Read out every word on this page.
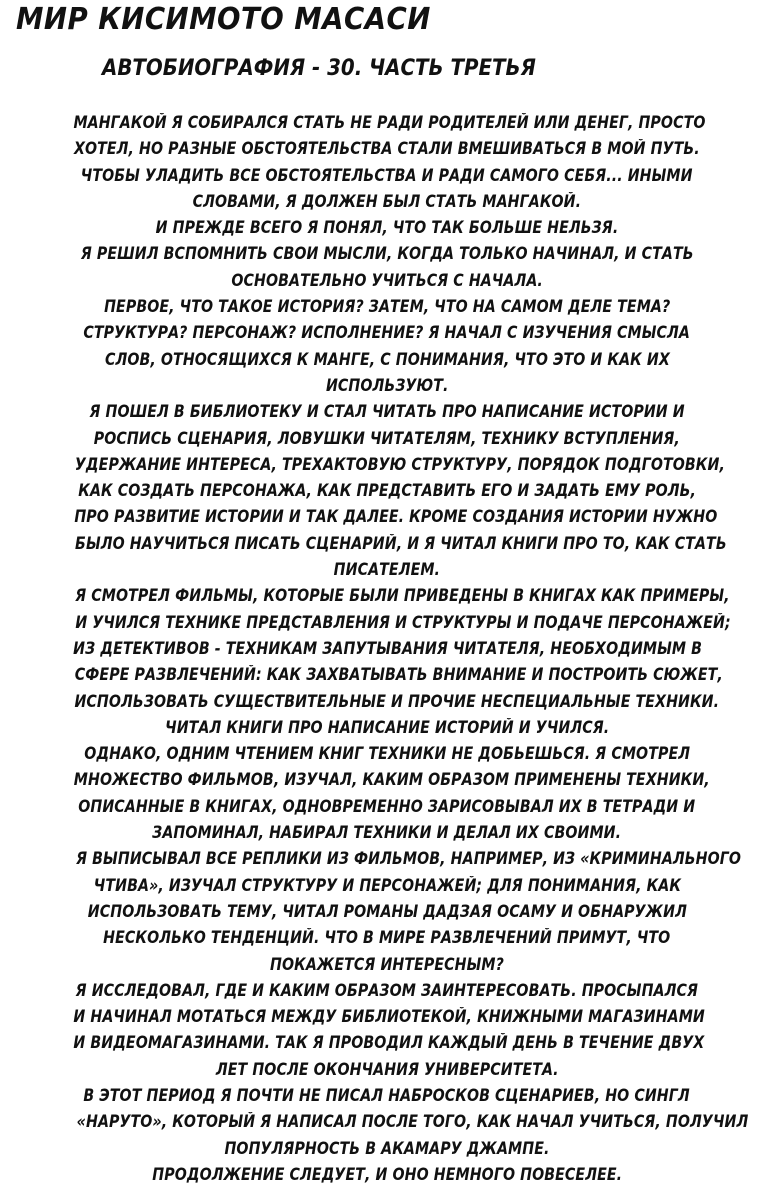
МИР КИСИМОТО МАСАСИ
АВТОБИОГРАФИЯ - 30. ЧАСТЬ ТРЕТЬЯ
МАНГАКОЙ Я СОБИРАЛСЯ СТАТЬ НЕ РАДИ РОДИТЕЛЕЙ ИЛИ ДЕНЕГ, ПРОСТО
ХОТЕЛ, НО РАЗНЫЕ ОБСТОЯТЕЛЬСТВА СТАЛИ ВМЕШИВАТЬСЯ В МОЙ ПУТЬ.
ЧТОБЫ УЛАДИТЬ ВСЕ ОБСТОЯТЕЛЬСТВА И РАДИ САМОГО СЕБЯ... ИНЫМИ
СЛОВАМИ, Я ДОЛЖЕН БЫЛ СТАТЬ МАНГАКОЙ.
И ПРЕЖДЕ ВСЕГО Я ПОНЯЛ, ЧТО ТАК БОЛЬШЕ НЕЛЬЗЯ.
Я РЕШИЛ ВСПОМНИТЬ СВОИ МЫСЛИ, КОГДА ТОЛЬКО НАЧИНАЛ, И СТАТЬ
ОСНОВАТЕЛЬНО УЧИТЬСЯ С НАЧАЛА.
ПЕРВОЕ, ЧТО ТАКОЕ ИСТОРИЯ? ЗАТЕМ, ЧТО НА САМОМ ДЕЛЕ ТЕМА?
СТРУКТУРА? ПЕРСОНАЖ? ИСПОЛНЕНИЕ? Я НАЧАЛ С ИЗУЧЕНИЯ СМЫСЛА
СЛОВ, ОТНОСЯЩИХСЯ К МАНГЕ, С ПОНИМАНИЯ, ЧТО ЭТО И КАК ИХ
ИСПОЛЬЗУЮТ.
Я ПОШЕЛ В БИБЛИОТЕКУ И СТАЛ ЧИТАТЬ ПРО НАПИСАНИЕ ИСТОРИИ И
РОСПИСЬ СЦЕНАРИЯ, ЛОВУШКИ ЧИТАТЕЛЯМ, ТЕХНИКУ ВСТУПЛЕНИЯ,
УДЕРЖАНИЕ ИНТЕРЕСА, ТРЕХАКТОВУЮ СТРУКТУРУ, ПОРЯДОК ПОДГОТОВКИ,
КАК СОЗДАТЬ ПЕРСОНАЖА, КАК ПРЕДСТАВИТЬ ЕГО И ЗАДАТЬ ЕМУ РОЛЬ,
ПРО РАЗВИТИЕ ИСТОРИИ И ТАК ДАЛЕЕ. КРОМЕ СОЗДАНИЯ ИСТОРИИ НУЖНО
БЫЛО НАУЧИТЬСЯ ПИСАТЬ СЦЕНАРИЙ, И Я ЧИТАЛ КНИГИ ПРО ТО, КАК СТАТЬ
ПИСАТЕЛЕМ.
Я СМОТРЕЛ ФИЛЬМЫ, КОТОРЫЕ БЫЛИ ПРИВЕДЕНЫ В КНИГАХ КАК ПРИМЕРЫ,
И УЧИЛСЯ ТЕХНИКЕ ПРЕДСТАВЛЕНИЯ И СТРУКТУРЫ И ПОДАЧЕ ПЕРСОНАЖЕЙ;
ИЗ ДЕТЕКТИВОВ - ТЕХНИКАМ ЗАПУТЫВАНИЯ ЧИТАТЕЛЯ, НЕОБХОДИМЫМ В
СФЕРЕ РАЗВЛЕЧЕНИЙ: КАК ЗАХВАТЫВАТЬ ВНИМАНИЕ И ПОСТРОИТЬ СЮЖЕТ,
ИСПОЛЬЗОВАТЬ СУЩЕСТВИТЕЛЬНЫЕ И ПРОЧИЕ НЕСПЕЦИАЛЬНЫЕ ТЕХНИКИ.
ЧИТАЛ КНИГИ ПРО НАПИСАНИЕ ИСТОРИЙ И УЧИЛСЯ.
ОДНАКО, ОДНИМ ЧТЕНИЕМ КНИГ ТЕХНИКИ НЕ ДОБЬЕШЬСЯ. Я СМОТРЕЛ
МНОЖЕСТВО ФИЛЬМОВ, ИЗУЧАЛ, КАКИМ ОБРАЗОМ ПРИМЕНЕНЫ ТЕХНИКИ,
ОПИСАННЫЕ В КНИГАХ, ОДНОВРЕМЕННО ЗАРИСОВЫВАЛ ИХ В ТЕТРАДИ И
ЗАПОМИНАЛ, НАБИРАЛ ТЕХНИКИ И ДЕЛАЛ ИХ СВОИМИ.
Я ВЫПИСЫВАЛ ВСЕ РЕПЛИКИ ИЗ ФИЛЬМОВ, НАПРИМЕР, ИЗ «КРИМИНАЛЬНОГО
ЧТИВА», ИЗУЧАЛ СТРУКТУРУ И ПЕРСОНАЖЕЙ; ДЛЯ ПОНИМАНИЯ, КАК
ИСПОЛЬЗОВАТЬ ТЕМУ, ЧИТАЛ РОМАНЫ ДАДЗАЯ ОСАМУ И ОБНАРУЖИЛ
НЕСКОЛЬКО ТЕНДЕНЦИЙ. ЧТО В МИРЕ РАЗВЛЕЧЕНИЙ ПРИМУТ, ЧТО
ПОКАЖЕТСЯ ИНТЕРЕСНЫМ?
Я ИССЛЕДОВАЛ, ГДЕ И КАКИМ ОБРАЗОМ ЗАИНТЕРЕСОВАТЬ. ПРОСЫПАЛСЯ
И НАЧИНАЛ МОТАТЬСЯ МЕЖДУ БИБЛИОТЕКОЙ, КНИЖНЫМИ МАГАЗИНАМИ
И ВИДЕОМАГАЗИНАМИ. ТАК Я ПРОВОДИЛ КАЖДЫЙ ДЕНЬ В ТЕЧЕНИЕ ДВУХ
ЛЕТ ПОСЛЕ ОКОНЧАНИЯ УНИВЕРСИТЕТА.
В ЭТОТ ПЕРИОД Я ПОЧТИ НЕ ПИСАЛ НАБРОСКОВ СЦЕНАРИЕВ, НО СИНГЛ
«НАРУТО», КОТОРЫЙ Я НАПИСАЛ ПОСЛЕ ТОГО, КАК НАЧАЛ УЧИТЬСЯ, ПОЛУЧИЛ
ПОПУЛЯРНОСТЬ В АКАМАРУ ДЖАМПЕ.
ПРОДОЛЖЕНИЕ СЛЕДУЕТ, И ОНО НЕМНОГО ПОВЕСЕЛЕЕ.
